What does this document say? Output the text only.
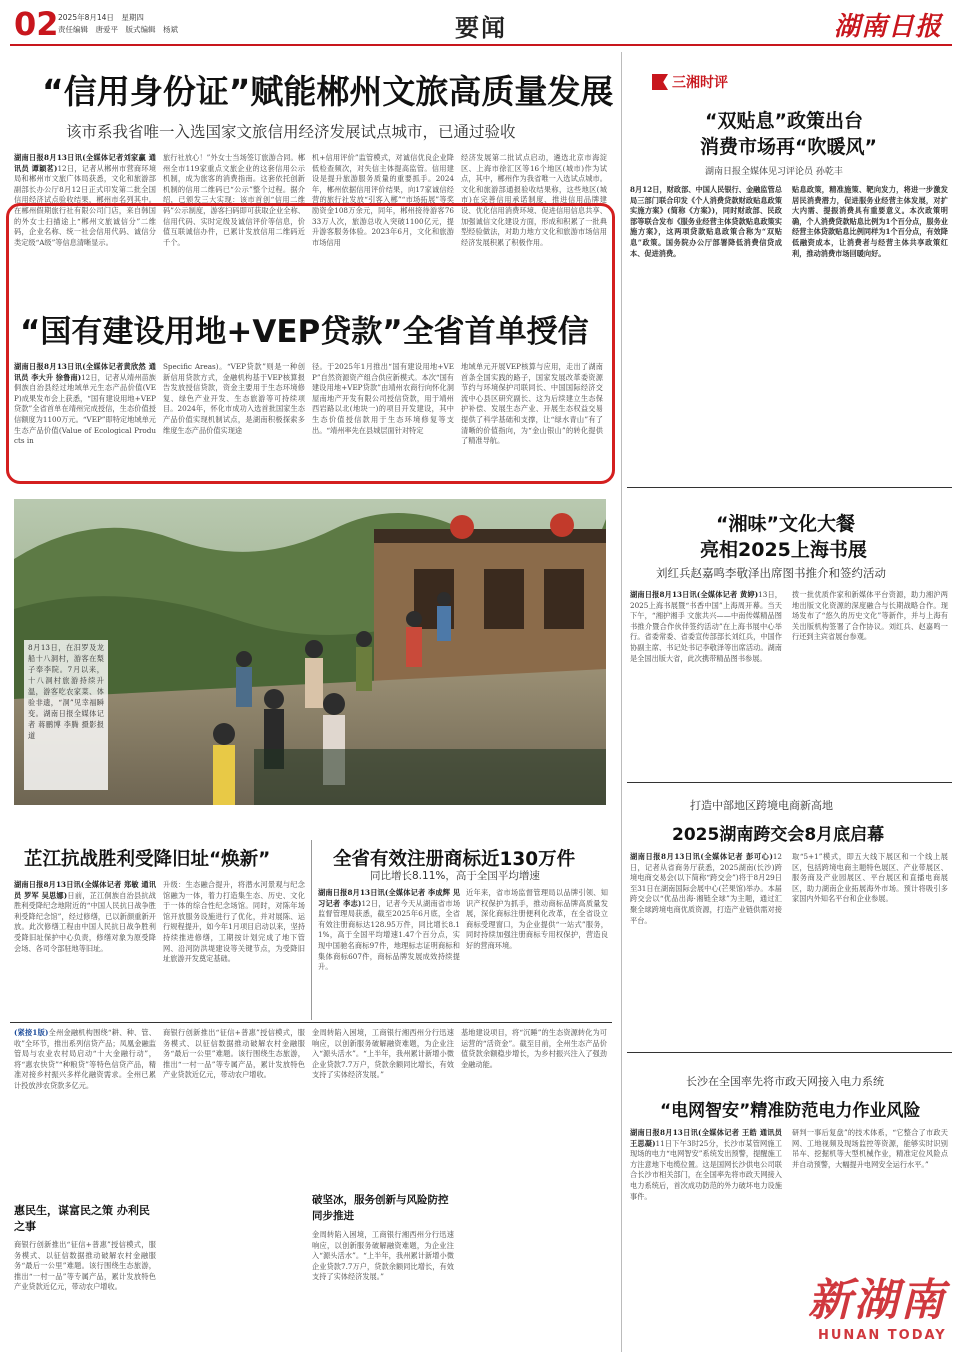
02 2025年8月14日　星期四
责任编辑　唐爱平　版式编辑　杨斌	要闻	湖南日报
“信用身份证”赋能郴州文旅高质量发展
该市系我省唯一入选国家文旅信用经济发展试点城市，已通过验收
湖南日报8月13日讯(全媒体记者刘家赢 通讯员 谭颖茗)12日，记者从郴州市营商环境局和郴州市文旅广体局获悉，文化和旅游部副部长办公厅8月12日正式印发第二批全国信用经济试点验收结果，郴州市名列其中。在郴州假期旅行社有限公司门店，来自韩国的外女士扫描途上“郴州文旅诚信分”二维码，企业名称、统一社会信用代码、诚信分类定级“A级”等信息清晰显示。
旅行社放心！”外女士当场签订旅游合同。郴州全市119家重点文旅企业的这套信用公示机制，成为旅客的消费指南。这套依托创新机制的信用二维码已“公示”整个过程。据介绍，已颁发三大实现：该市首创“信用二维码”公示制度，游客扫码即可获取企业全称、信用代码、实时定级及诚信评价等信息，价值互联诚信办件，已累计发放信用二维码近千个。
机+信用评价”监管模式，对诚信优良企业降低检查频次，对失信主体提高监管。信用建设是提升旅游服务质量的重要抓手。2024年，郴州依据信用评价结果，向17家诚信经营的旅行社发放“引客入郴”“市场拓展”等奖励资金108万余元，同年，郴州接待游客7633万人次，旅游总收入突破1100亿元，提升游客服务体验。2023年6月，文化和旅游市场信用
经济发展第二批试点启动，遴选北京市海淀区、上海市徐汇区等16个地区(城市)作为试点，其中，郴州作为我省唯一入选试点城市。文化和旅游部通报验收结果称，这些地区(城市)在完善信用承诺制度、推进信用品牌建设、优化信用消费环境、促进信用信息共享、加强诚信文化建设方面，形成和积累了一批典型经验做法，对助力地方文化和旅游市场信用经济发展积累了积极作用。
“国有建设用地+VEP贷款”全省首单授信
湖南日报8月13日讯(全媒体记者黄欣然 通讯员 李大升 徐鲁南)12日，记者从靖州苗族侗族自治县经过地域单元生态产品价值(VEP)成果发布会上获悉，“国有建设用地+VEP贷款”全省首单在靖州完成授信，生态价值授信额度为1100万元。“VEP”即特定地域单元生态产品价值(Value of Ecological Products in
Specific Areas)。“VEP贷款”则是一种创新信用贷款方式，金融机构基于VEP核算报告发放授信贷款，资金主要用于生态环境修复、绿色产业开发、生态旅游等可持续项目。2024年，怀化市成功入选首批国家生态产品价值实现机制试点，是湖南积极探索多维度生态产品价值实现途
径。于2025年1月推出“国有建设用地+VEP”自然资源资产组合供应新模式。本次“国有建设用地+VEP贷款”由靖州农商行向怀化洞屋南地产开发有限公司授信贷款，用于靖州西岩路以北(地块一)的项目开发建设，其中生态价值授信款用于生态环境修复等支出。“靖州率先在县城层面针对特定
地域单元开展VEP核算与应用，走出了湖南首条全国实践的路子，国家发展改革委资源节约与环境保护司联同长、中国国际经济交流中心县区研究副长、这为后续建立生态保护补偿、发展生态产业、开展生态权益交易提供了科学基础和支撑，让“绿水青山”有了清晰的价值指向，为“金山银山”的转化提供了精准导航。
8月13日，在汨罗及龙船十八洞村，游客在梨子奉李院。7月以来，十八洞村旅游持续升温，游客吃农家菜、体验非遗，“洞”见幸福瞬变。湖南日报全媒体记者 蒋鹏博 李腾 摄影报道
芷江抗战胜利受降旧址“焕新”
湖南日报8月13日讯(全媒体记者 郑敏 通讯员 罗军 吴思娜)日前，芷江侗族自治县抗战胜利受降纪念地附近的“中国人民抗日战争胜利受降纪念馆”，经过修缮，已以新颜重新开放。此次修缮工程由中国人民抗日战争胜利受降旧址保护中心负责，修缮对象为原受降会场、各司令部驻地等旧址。
升级：生态融合提升，将潜水河景观与纪念馆融为一体，着力打造集生态、历史、文化于一体的综合性纪念场馆。同时，对陈年场馆开放服务设施进行了优化，并对展陈、运行规程提升，如今年1月项目启动以来，坚持持续推进修缮，工期按计划完成了地下管网、沿河防洪堤建设等关键节点，为受降旧址旅游开发奠定基础。
全省有效注册商标近130万件
同比增长8.11%，高于全国平均增速
湖南日报8月13日讯(全媒体记者 李成辉 见习记者 李志)12日，记者今天从湖南省市场监督管理局获悉，截至2025年6月底，全省有效注册商标达128.95万件，同比增长8.11%，高于全国平均增速1.47个百分点，实现中国驰名商标97件，地理标志证明商标和集体商标607件，商标品牌发展成效持续提升。
近年来，省市场监督管理局以品牌引领、知识产权保护为抓手，推动商标品牌高质量发展，深化商标注册便利化改革，在全省设立商标受理窗口，为企业提供“一站式”服务，同时持续加强注册商标专用权保护，营造良好的营商环境。
(紧接1版)全州金融机构围绕“耕、种、管、收”全环节，推出系列信贷产品；凤凰金融监管局与农业农村局启动“十大金融行动”，将“惠农快贷”“种粮贷”等特色信贷产品，精准对接乡村振兴多样化融资需求。全州已累计投放涉农贷款多亿元。
惠民生，谋富民之策 办利民之事
商银行创新推出“征信+普惠”授信模式，服务模式、以征信数据推动破解农村金融服务“最后一公里”难题。该行围绕生态旅游，推出“一村一品”等专属产品，累计发放特色产业贷款近亿元，带动农户增收。
商银行创新推出“征信+普惠”授信模式，服务模式、以征信数据推动破解农村金融服务“最后一公里”难题。该行围绕生态旅游，推出“一村一品”等专属产品，累计发放特色产业贷款近亿元，带动农户增收。
金周转陷入困境，工商银行湘西州分行迅速响应，以创新服务破解融资难题，为企业注入“源头活水”。“上半年，我州累计新增小微企业贷款7.7万户，贷款余额同比增长，有效支持了实体经济发展。”
破坚冰，服务创新与风险防控同步推进
金周转陷入困境，工商银行湘西州分行迅速响应，以创新服务破解融资难题，为企业注入“源头活水”。“上半年，我州累计新增小微企业贷款7.7万户，贷款余额同比增长，有效支持了实体经济发展。”
基地建设项目，将“沉睡”的生态资源转化为可运营的“活资金”。截至目前，全州生态产品价值贷款余额稳步增长，为乡村振兴注入了强劲金融动能。
三湘时评
“双贴息”政策出台
消费市场再“吹暖风”
湖南日报全媒体见习评论员 孙乾丰
8月12日，财政部、中国人民银行、金融监管总局三部门联合印发《个人消费贷款财政贴息政策实施方案》(简称《方案》)，同时财政部、民政部等联合发布《服务业经营主体贷款贴息政策实施方案》，这两项贷款贴息政策合称为“双贴息”政策。国务院办公厅部署降低消费信贷成本、促进消费。
贴息政策，精准施策、靶向发力，将进一步激发居民消费潜力，促进服务业经营主体发展，对扩大内需、提振消费具有重要意义。本次政策明确，个人消费贷款贴息比例为1个百分点，服务业经营主体贷款贴息比例同样为1个百分点，有效降低融资成本，让消费者与经营主体共享政策红利，推动消费市场回暖向好。
“湘味”文化大餐
亮相2025上海书展
刘红兵赵嘉鸣李敬泽出席图书推介和签约活动
湖南日报8月13日讯(全媒体记者 黄婷)13日，2025上海书展暨“书香中国”上海周开幕。当天下午，“湘护湘手 文旅共兴——中南传媒精品图书推介暨合作伙伴签约活动”在上海书展中心举行。省委常委、省委宣传部部长刘红兵，中国作协副主席、书记处书记李敬泽等出席活动。湖南是全国出版大省，此次携带精品图书参展。
拨一批优质作家和新媒体平台资源，助力湘沪两地出版文化资源的深度融合与长期战略合作。现场发布了“悠久的历史文化”等新作，并与上海有关出版机构签署了合作协议。刘红兵、赵嘉鸣一行还到主宾省展台参观。
打造中部地区跨境电商新高地
2025湖南跨交会8月底启幕
湖南日报8月13日讯(全媒体记者 彭可心)12日，记者从省商务厅获悉，2025湖南(长沙)跨境电商交易会(以下简称“跨交会”)将于8月29日至31日在湖南国际会展中心(芒果馆)举办。本届跨交会以“优品出海·湘链全球”为主题，通过汇聚全球跨境电商优质资源，打造产业链供需对接平台。
取“5+1”模式，即五大线下展区和一个线上展区，包括跨境电商主题特色展区、产业带展区、服务商及产业园展区、平台展区和直播电商展区，助力湖南企业拓展海外市场。预计将吸引多家国内外知名平台和企业参展。
长沙在全国率先将市政天网接入电力系统
“电网智安”精准防范电力作业风险
湖南日报8月13日讯(全媒体记者 王皓 通讯员 王思凝)11日下午3时25分，长沙市某管网施工现场的电力“电网智安”系统发出预警，提醒施工方注意地下电缆位置。这是国网长沙供电公司联合长沙市相关部门，在全国率先将市政天网接入电力系统后，首次成功防范的外力破坏电力设施事件。
研判一事后复盘”的技术体系，“它整合了市政天网、工地视频及现场监控等资源，能够实时识别吊车、挖掘机等大型机械作业，精准定位风险点并自动预警，大幅提升电网安全运行水平。”
新湖南
HUNAN TODAY
